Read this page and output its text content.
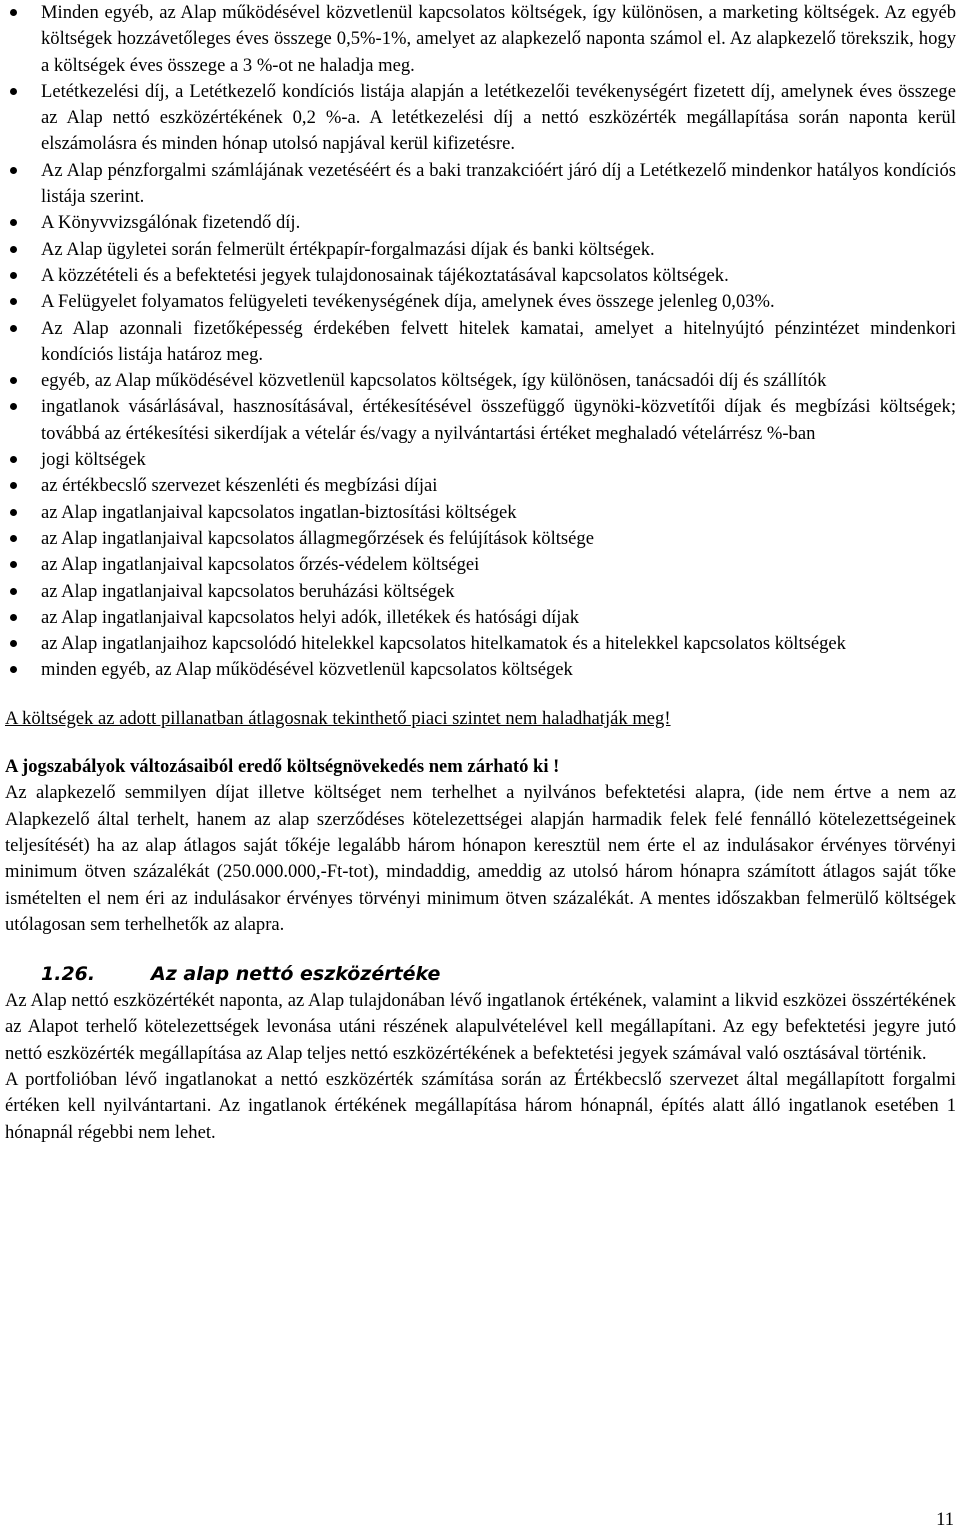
Minden egyéb, az Alap működésével közvetlenül kapcsolatos költségek, így különösen, a marketing költségek. Az egyéb költségek hozzávetőleges éves összege 0,5%-1%, amelyet az alapkezelő naponta számol el. Az alapkezelő törekszik, hogy a költségek éves összege a 3 %-ot ne haladja meg.
Letétkezelési díj, a Letétkezelő kondíciós listája alapján a letétkezelői tevékenységért fizetett díj, amelynek éves összege az Alap nettó eszközértékének 0,2 %-a. A letétkezelési díj a nettó eszközérték megállapítása során naponta kerül elszámolásra és minden hónap utolsó napjával kerül kifizetésre.
Az Alap pénzforgalmi számlájának vezetéséért és a baki tranzakcióért járó díj a Letétkezelő mindenkor hatályos kondíciós listája szerint.
A Könyvvizsgálónak fizetendő díj.
Az Alap ügyletei során felmerült értékpapír-forgalmazási díjak és banki költségek.
A közzétételi és a befektetési jegyek tulajdonosainak tájékoztatásával kapcsolatos költségek.
A Felügyelet folyamatos felügyeleti tevékenységének díja, amelynek éves összege jelenleg 0,03%.
Az Alap azonnali fizetőképesség érdekében felvett hitelek kamatai, amelyet a hitelnyújtó pénzintézet mindenkori kondíciós listája határoz meg.
egyéb, az Alap működésével közvetlenül kapcsolatos költségek, így különösen, tanácsadói díj és szállítók
ingatlanok vásárlásával, hasznosításával, értékesítésével összefüggő ügynöki-közvetítői díjak és megbízási költségek; továbbá az értékesítési sikerdíjak a vételár és/vagy a nyilvántartási értéket meghaladó vételárrész %-ban
jogi költségek
az értékbecslő szervezet készenléti és megbízási díjai
az Alap ingatlanjaival kapcsolatos ingatlan-biztosítási költségek
az Alap ingatlanjaival kapcsolatos állagmegőrzések és felújítások költsége
az Alap ingatlanjaival kapcsolatos őrzés-védelem költségei
az Alap ingatlanjaival kapcsolatos beruházási költségek
az Alap ingatlanjaival kapcsolatos helyi adók, illetékek és hatósági díjak
az Alap ingatlanjaihoz kapcsolódó hitelekkel kapcsolatos hitelkamatok és a hitelekkel kapcsolatos költségek
minden egyéb, az Alap működésével közvetlenül kapcsolatos költségek
A költségek az adott pillanatban átlagosnak tekinthető piaci szintet nem haladhatják meg!
A jogszabályok változásaiból eredő költségnövekedés nem zárható ki !

Az alapkezelő semmilyen díjat illetve költséget nem terhelhet a nyilvános befektetési alapra, (ide nem értve a nem az Alapkezelő által terhelt, hanem az alap szerződéses kötelezettségei alapján harmadik felek felé fennálló kötelezettségeinek teljesítését) ha az alap átlagos saját tőkéje legalább három hónapon keresztül nem érte el az indulásakor érvényes törvényi minimum ötven százalékát (250.000.000,-Ft-tot), mindaddig, ameddig az utolsó három hónapra számított átlagos saját tőke ismételten el nem éri az indulásakor érvényes törvényi minimum ötven százalékát. A mentes időszakban felmerülő költségek utólagosan sem terhelhetők az alapra.

1.26.	Az alap nettó eszközértéke

Az Alap nettó eszközértékét naponta, az Alap tulajdonában lévő ingatlanok értékének, valamint a likvid eszközei összértékének az Alapot terhelő kötelezettségek levonása utáni részének alapulvételével kell megállapítani. Az egy befektetési jegyre jutó nettó eszközérték megállapítása az Alap teljes nettó eszközértékének a befektetési jegyek számával való osztásával történik.

A portfolióban lévő ingatlanokat a nettó eszközérték számítása során az Értékbecslő szervezet által megállapított forgalmi értéken kell nyilvántartani. Az ingatlanok értékének megállapítása három hónapnál, építés alatt álló ingatlanok esetében 1 hónapnál régebbi nem lehet.

11
